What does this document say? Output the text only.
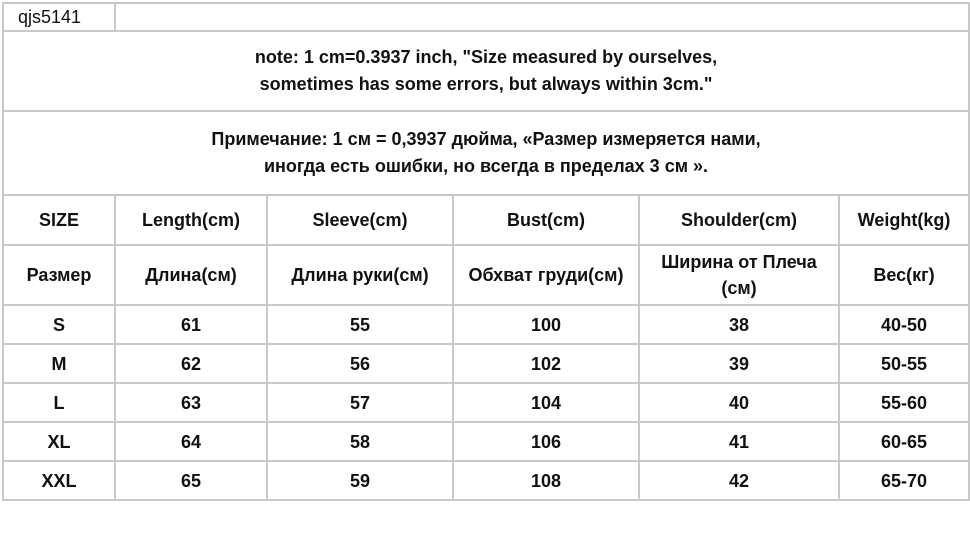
qjs5141					

note: 1 cm=0.3937 inch, "Size measured by ourselves,
sometimes has some errors, but always within 3cm."					

Примечание: 1 см = 0,3937 дюйма, «Размер измеряется нами,
иногда есть ошибки, но всегда в пределах 3 см ».					

SIZE	Length(cm)	Sleeve(cm)	Bust(cm)	Shoulder(cm)	Weight(kg)
Размер	Длина(см)	Длина руки(см)	Обхват груди(см)	Ширина от Плеча (см)	Вес(кг)
S	61	55	100	38	40-50
M	62	56	102	39	50-55
L	63	57	104	40	55-60
XL	64	58	106	41	60-65
XXL	65	59	108	42	65-70
